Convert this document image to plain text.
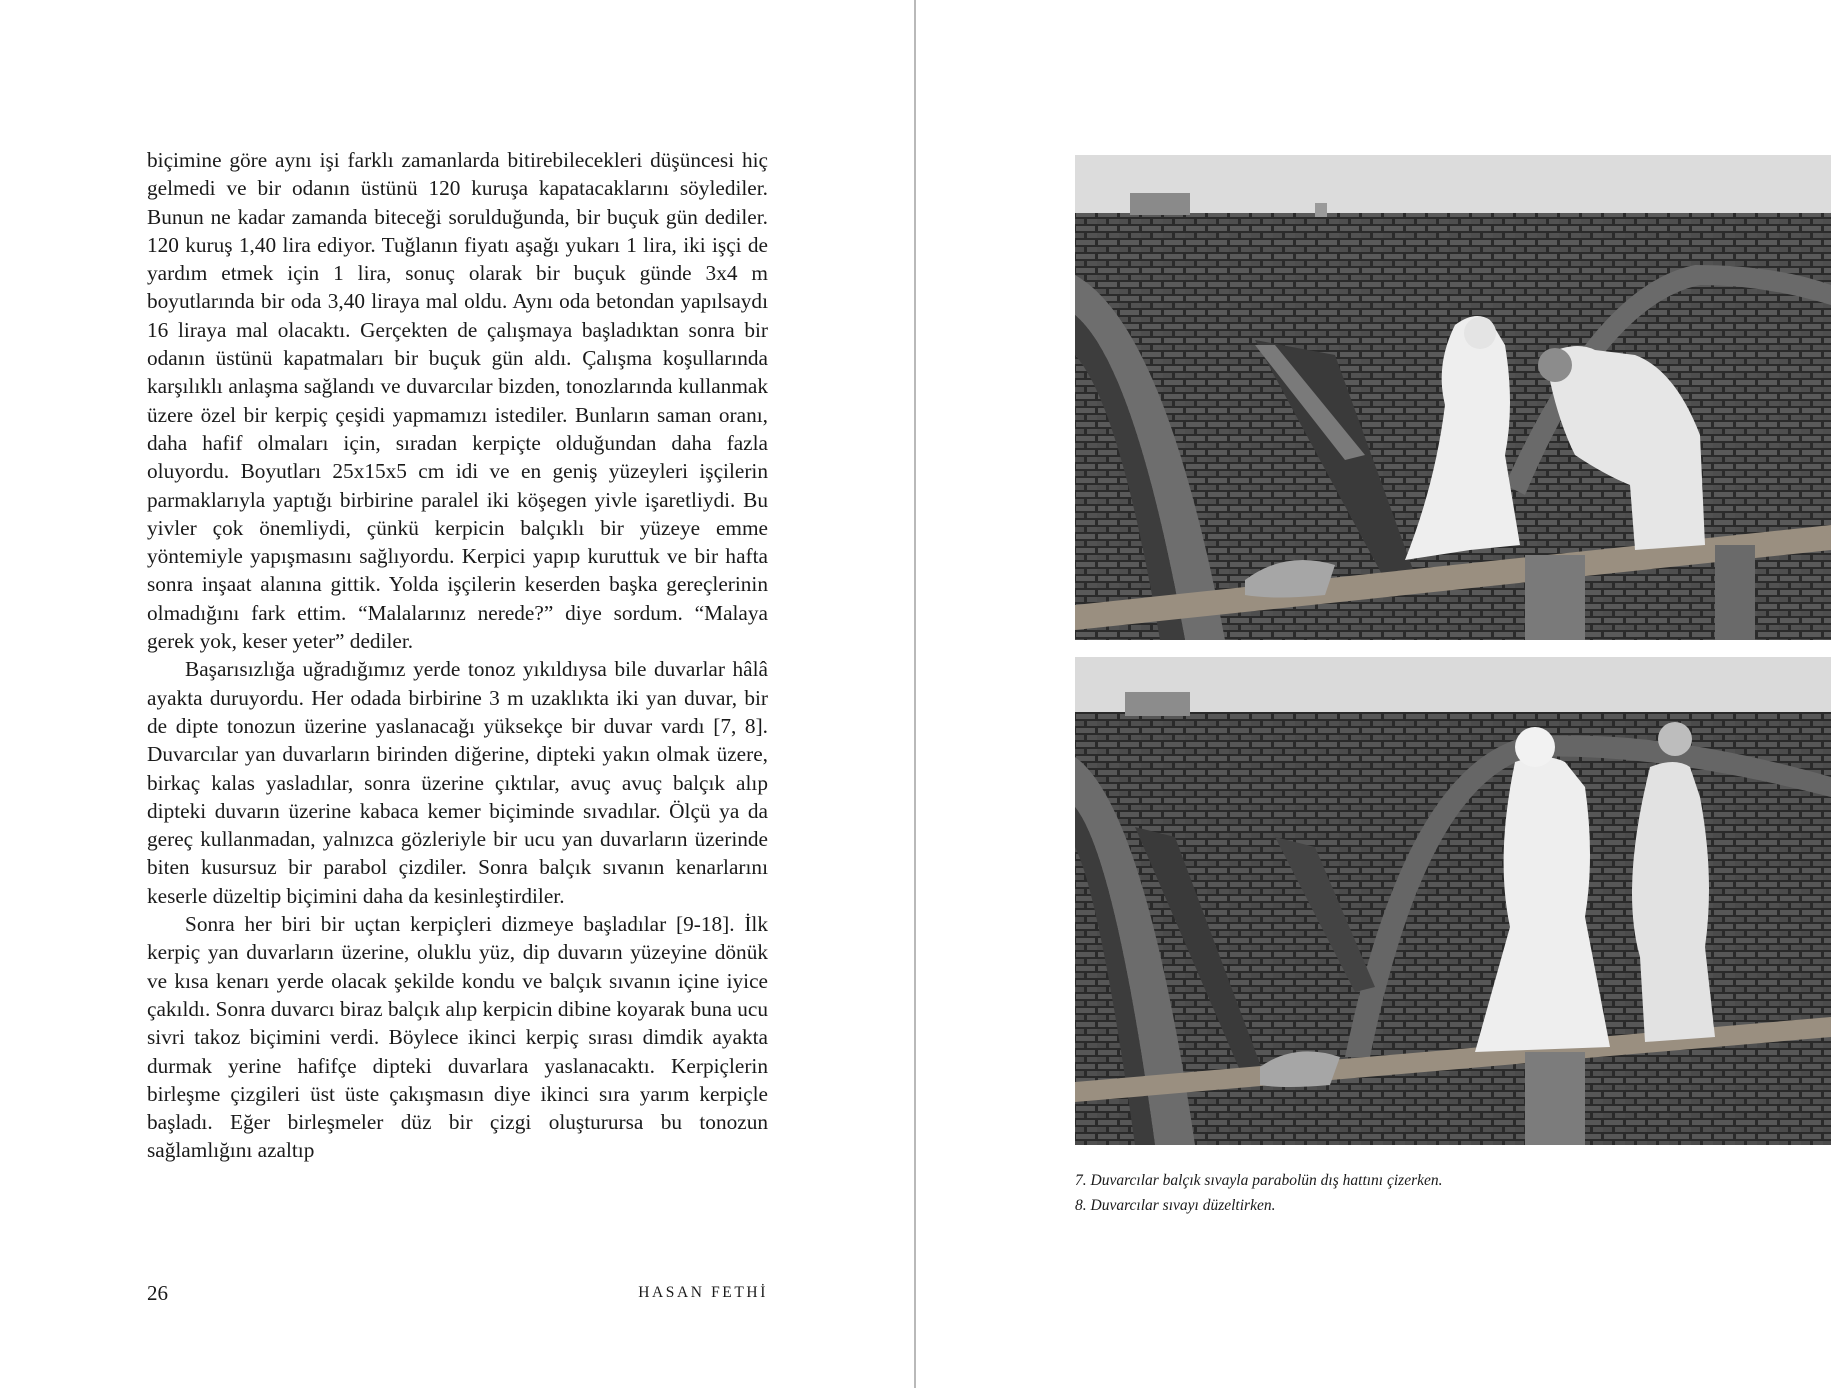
biçimine göre aynı işi farklı zamanlarda bitirebilecekleri düşüncesi hiç gelmedi ve bir odanın üstünü 120 kuruşa kapatacaklarını söylediler. Bunun ne kadar zamanda biteceği sorulduğunda, bir buçuk gün dediler. 120 kuruş 1,40 lira ediyor. Tuğlanın fiyatı aşağı yukarı 1 lira, iki işçi de yardım etmek için 1 lira, sonuç olarak bir buçuk günde 3x4 m boyutlarında bir oda 3,40 liraya mal oldu. Aynı oda betondan yapılsaydı 16 liraya mal olacaktı. Gerçekten de çalışmaya başladıktan sonra bir odanın üstünü kapatmaları bir buçuk gün aldı. Çalışma koşullarında karşılıklı anlaşma sağlandı ve duvarcılar bizden, tonozlarında kullanmak üzere özel bir kerpiç çeşidi yapmamızı istediler. Bunların saman oranı, daha hafif olmaları için, sıradan kerpiçte olduğundan daha fazla oluyordu. Boyutları 25x15x5 cm idi ve en geniş yüzeyleri işçilerin parmaklarıyla yaptığı birbirine paralel iki köşegen yivle işaretliydi. Bu yivler çok önemliydi, çünkü kerpicin balçıklı bir yüzeye emme yöntemiyle yapışmasını sağlıyordu. Kerpici yapıp kuruttuk ve bir hafta sonra inşaat alanına gittik. Yolda işçilerin keserden başka gereçlerinin olmadığını fark ettim. “Malalarınız nerede?” diye sordum. “Malaya gerek yok, keser yeter” dediler.

Başarısızlığa uğradığımız yerde tonoz yıkıldıysa bile duvarlar hâlâ ayakta duruyordu. Her odada birbirine 3 m uzaklıkta iki yan duvar, bir de dipte tonozun üzerine yaslanacağı yüksekçe bir duvar vardı [7, 8]. Duvarcılar yan duvarların birinden diğerine, dipteki yakın olmak üzere, birkaç kalas yasladılar, sonra üzerine çıktılar, avuç avuç balçık alıp dipteki duvarın üzerine kabaca kemer biçiminde sıvadılar. Ölçü ya da gereç kullanmadan, yalnızca gözleriyle bir ucu yan duvarların üzerinde biten kusursuz bir parabol çizdiler. Sonra balçık sıvanın kenarlarını keserle düzeltip biçimini daha da kesinleştirdiler.

Sonra her biri bir uçtan kerpiçleri dizmeye başladılar [9-18]. İlk kerpiç yan duvarların üzerine, oluklu yüz, dip duvarın yüzeyine dönük ve kısa kenarı yerde olacak şekilde kondu ve balçık sıvanın içine iyice çakıldı. Sonra duvarcı biraz balçık alıp kerpicin dibine koyarak buna ucu sivri takoz biçimini verdi. Böylece ikinci kerpiç sırası dimdik ayakta durmak yerine hafifçe dipteki duvarlara yaslanacaktı. Kerpiçlerin birleşme çizgileri üst üste çakışmasın diye ikinci sıra yarım kerpiçle başladı. Eğer birleşmeler düz bir çizgi oluşturursa bu tonozun sağlamlığını azaltıp

26	HASAN FETHİ
7. Duvarcılar balçık sıvayla parabolün dış hattını çizerken.
8. Duvarcılar sıvayı düzeltirken.
